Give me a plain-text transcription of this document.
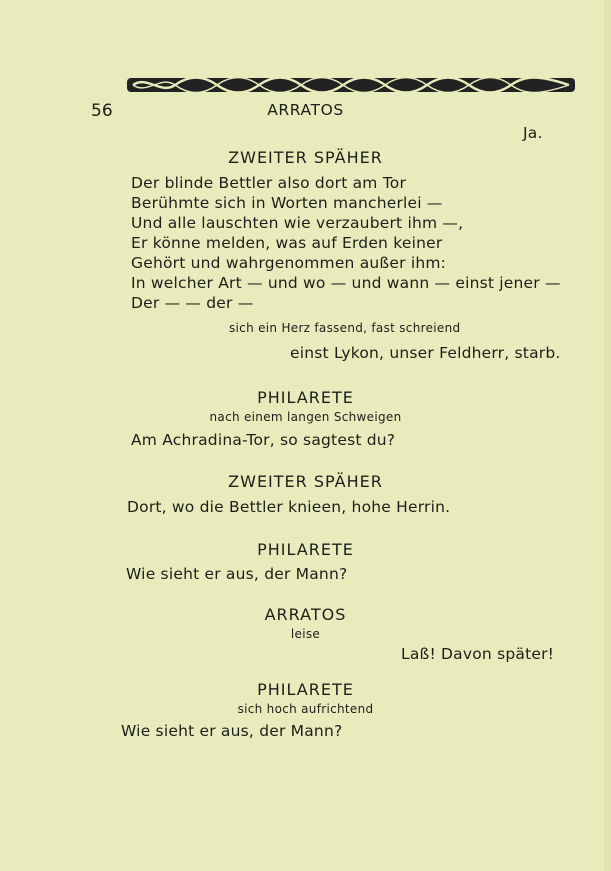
56	ARRATOS
Ja.
ZWEITER SPÄHER
Der blinde Bettler also dort am Tor
Berühmte sich in Worten mancherlei —
Und alle lauschten wie verzaubert ihm —,
Er könne melden, was auf Erden keiner
Gehört und wahrgenommen außer ihm:
In welcher Art — und wo — und wann — einst jener —
Der — — der —
sich ein Herz fassend, fast schreiend
einst Lykon, unser Feldherr, starb.
PHILARETE
nach einem langen Schweigen
Am Achradina-Tor, so sagtest du?
ZWEITER SPÄHER
Dort, wo die Bettler knieen, hohe Herrin.
PHILARETE
Wie sieht er aus, der Mann?
ARRATOS
leise
Laß! Davon später!
PHILARETE
sich hoch aufrichtend
Wie sieht er aus, der Mann?
